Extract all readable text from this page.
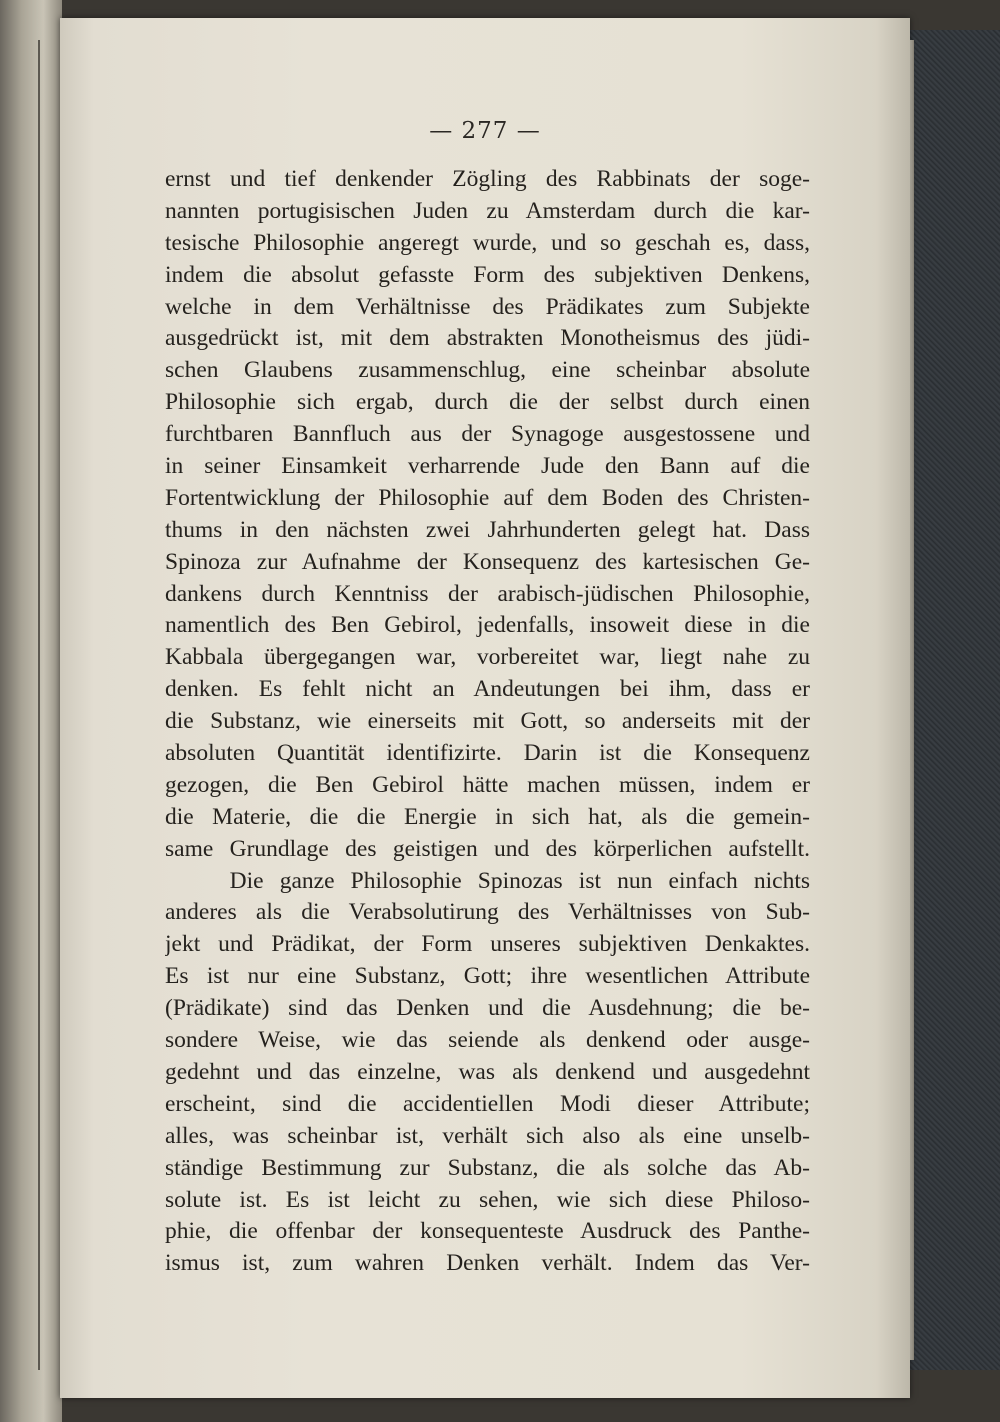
— 277 —
ernst und tief denkender Zögling des Rabbinats der soge-
nannten portugisischen Juden zu Amsterdam durch die kar-
tesische Philosophie angeregt wurde, und so geschah es, dass,
indem die absolut gefasste Form des subjektiven Denkens,
welche in dem Verhältnisse des Prädikates zum Subjekte
ausgedrückt ist, mit dem abstrakten Monotheismus des jüdi-
schen Glaubens zusammenschlug, eine scheinbar absolute
Philosophie sich ergab, durch die der selbst durch einen
furchtbaren Bannfluch aus der Synagoge ausgestossene und
in seiner Einsamkeit verharrende Jude den Bann auf die
Fortentwicklung der Philosophie auf dem Boden des Christen-
thums in den nächsten zwei Jahrhunderten gelegt hat. Dass
Spinoza zur Aufnahme der Konsequenz des kartesischen Ge-
dankens durch Kenntniss der arabisch-jüdischen Philosophie,
namentlich des Ben Gebirol, jedenfalls, insoweit diese in die
Kabbala übergegangen war, vorbereitet war, liegt nahe zu
denken. Es fehlt nicht an Andeutungen bei ihm, dass er
die Substanz, wie einerseits mit Gott, so anderseits mit der
absoluten Quantität identifizirte. Darin ist die Konsequenz
gezogen, die Ben Gebirol hätte machen müssen, indem er
die Materie, die die Energie in sich hat, als die gemein-
same Grundlage des geistigen und des körperlichen aufstellt.
Die ganze Philosophie Spinozas ist nun einfach nichts
anderes als die Verabsolutirung des Verhältnisses von Sub-
jekt und Prädikat, der Form unseres subjektiven Denkaktes.
Es ist nur eine Substanz, Gott; ihre wesentlichen Attribute
(Prädikate) sind das Denken und die Ausdehnung; die be-
sondere Weise, wie das seiende als denkend oder ausge-
gedehnt und das einzelne, was als denkend und ausgedehnt
erscheint, sind die accidentiellen Modi dieser Attribute;
alles, was scheinbar ist, verhält sich also als eine unselb-
ständige Bestimmung zur Substanz, die als solche das Ab-
solute ist. Es ist leicht zu sehen, wie sich diese Philoso-
phie, die offenbar der konsequenteste Ausdruck des Panthe-
ismus ist, zum wahren Denken verhält. Indem das Ver-
